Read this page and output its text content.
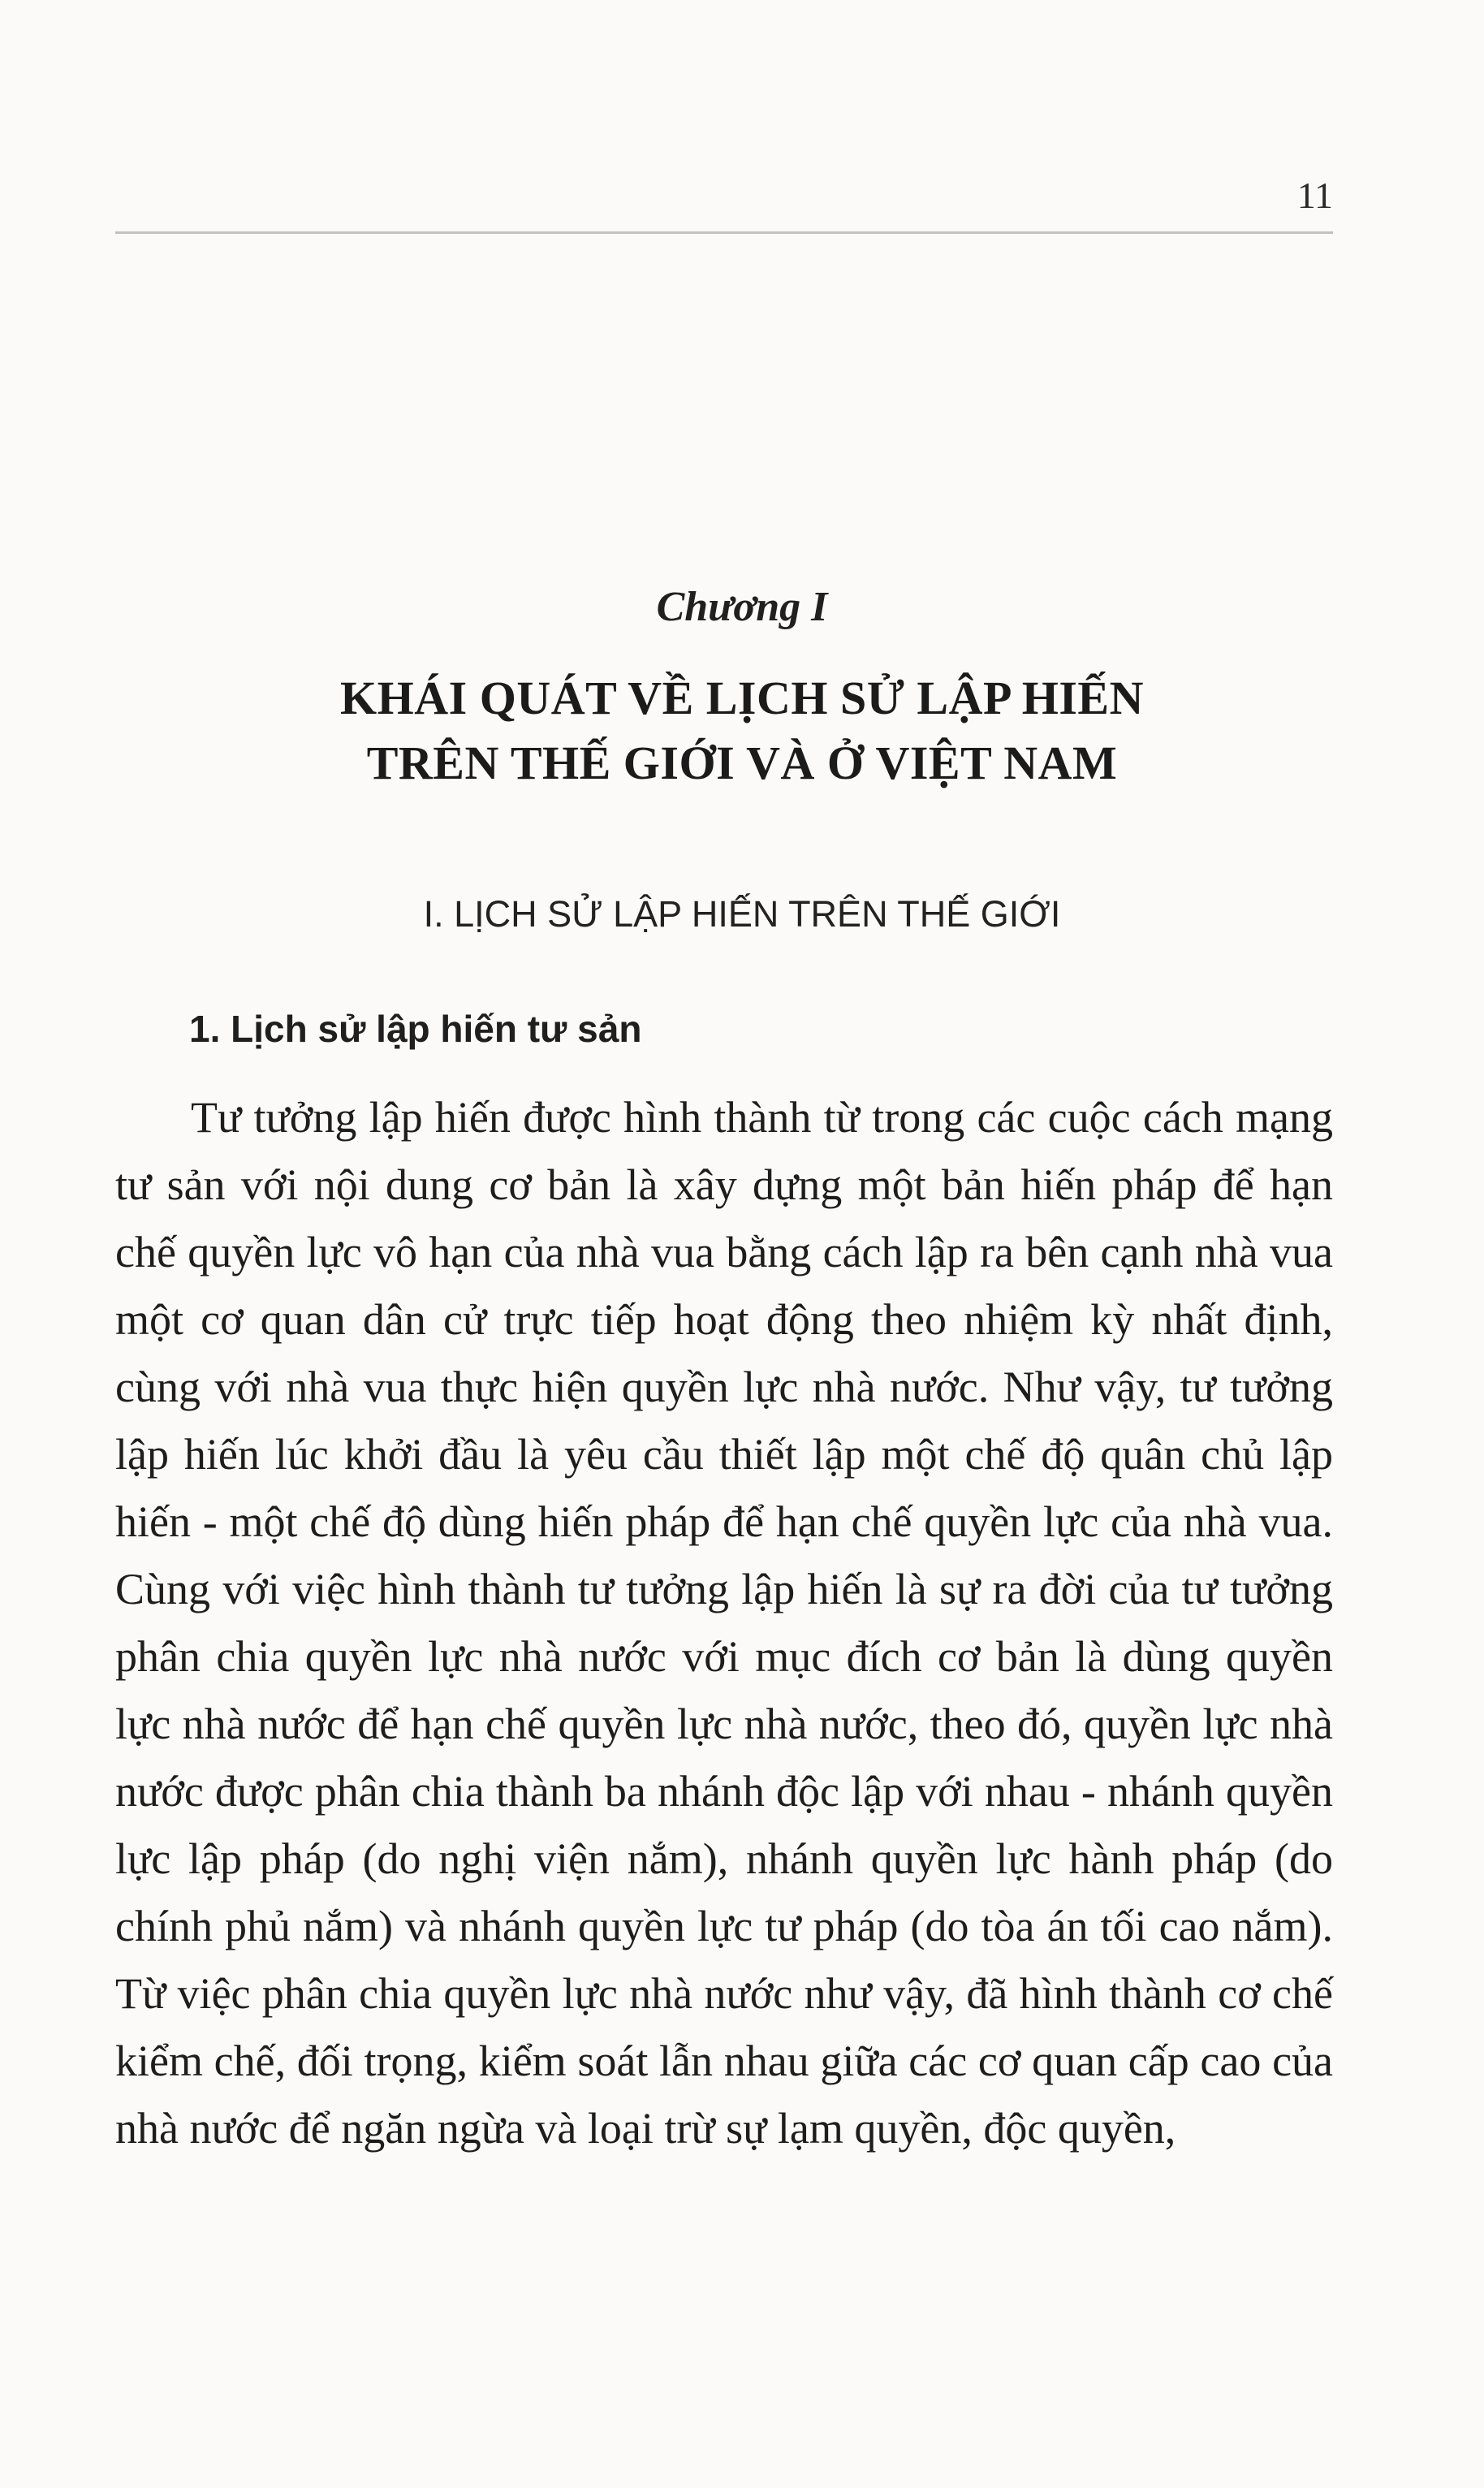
11
Chương I
KHÁI QUÁT VỀ LỊCH SỬ LẬP HIẾN
TRÊN THẾ GIỚI VÀ Ở VIỆT NAM
I. LỊCH SỬ LẬP HIẾN TRÊN THẾ GIỚI
1. Lịch sử lập hiến tư sản

Tư tưởng lập hiến được hình thành từ trong các cuộc cách mạng tư sản với nội dung cơ bản là xây dựng một bản hiến pháp để hạn chế quyền lực vô hạn của nhà vua bằng cách lập ra bên cạnh nhà vua một cơ quan dân cử trực tiếp hoạt động theo nhiệm kỳ nhất định, cùng với nhà vua thực hiện quyền lực nhà nước. Như vậy, tư tưởng lập hiến lúc khởi đầu là yêu cầu thiết lập một chế độ quân chủ lập hiến - một chế độ dùng hiến pháp để hạn chế quyền lực của nhà vua. Cùng với việc hình thành tư tưởng lập hiến là sự ra đời của tư tưởng phân chia quyền lực nhà nước với mục đích cơ bản là dùng quyền lực nhà nước để hạn chế quyền lực nhà nước, theo đó, quyền lực nhà nước được phân chia thành ba nhánh độc lập với nhau - nhánh quyền lực lập pháp (do nghị viện nắm), nhánh quyền lực hành pháp (do chính phủ nắm) và nhánh quyền lực tư pháp (do tòa án tối cao nắm). Từ việc phân chia quyền lực nhà nước như vậy, đã hình thành cơ chế kiểm chế, đối trọng, kiểm soát lẫn nhau giữa các cơ quan cấp cao của nhà nước để ngăn ngừa và loại trừ sự lạm quyền, độc quyền,
